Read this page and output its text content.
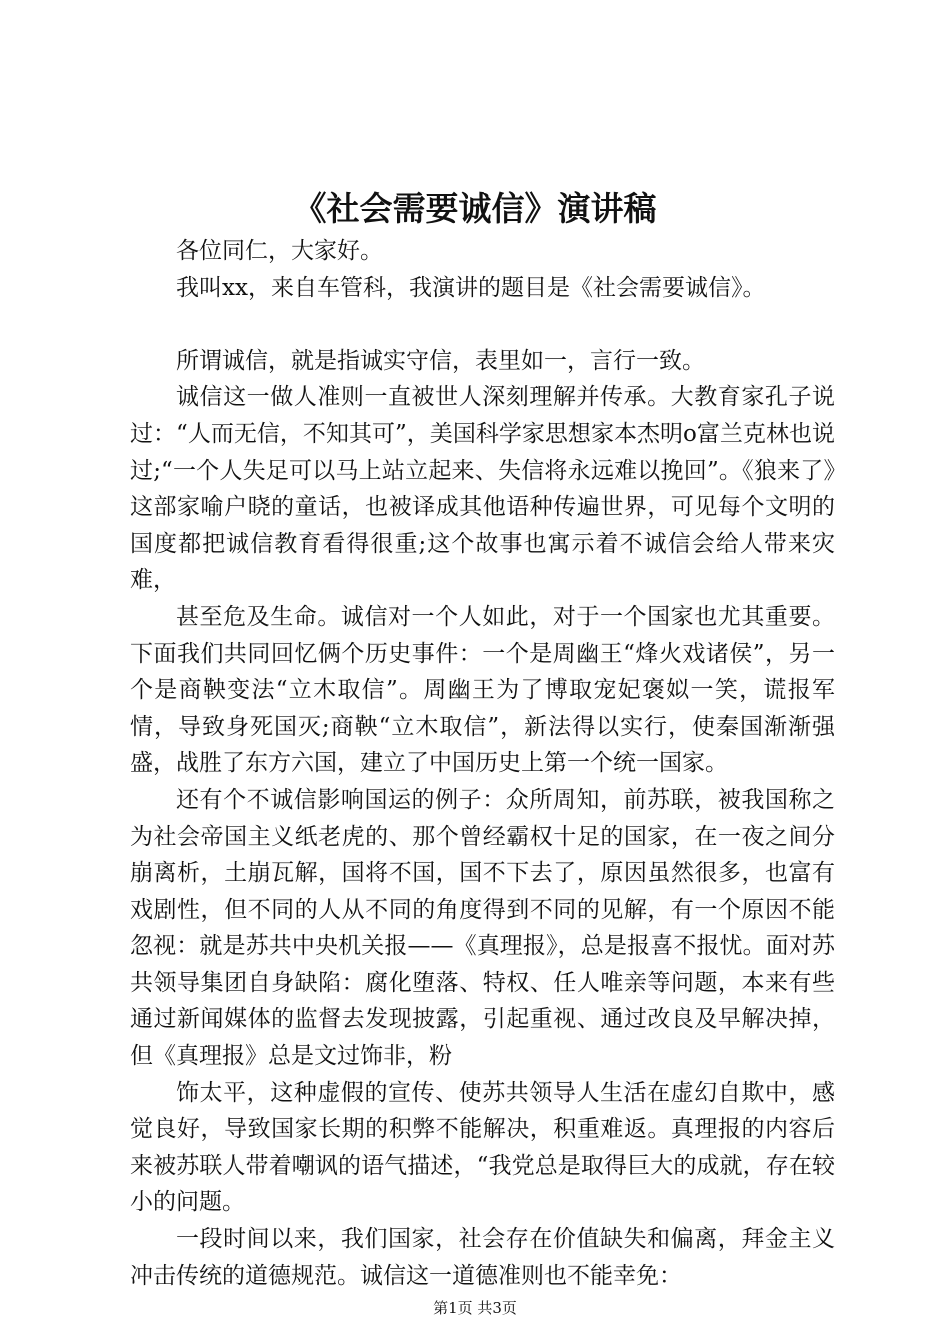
《社会需要诚信》演讲稿

各位同仁，大家好。

我叫xx，来自车管科，我演讲的题目是《社会需要诚信》。

所谓诚信，就是指诚实守信，表里如一，言行一致。

诚信这一做人准则一直被世人深刻理解并传承。大教育家孔子说过：“人而无信，不知其可”，美国科学家思想家本杰明o富兰克林也说过;“一个人失足可以马上站立起来、失信将永远难以挽回”。《狼来了》这部家喻户晓的童话，也被译成其他语种传遍世界，可见每个文明的国度都把诚信教育看得很重;这个故事也寓示着不诚信会给人带来灾难，

甚至危及生命。诚信对一个人如此，对于一个国家也尤其重要。下面我们共同回忆俩个历史事件：一个是周幽王“烽火戏诸侯”，另一个是商鞅变法“立木取信”。周幽王为了博取宠妃褒姒一笑，谎报军情，导致身死国灭;商鞅“立木取信”，新法得以实行，使秦国渐渐强盛，战胜了东方六国，建立了中国历史上第一个统一国家。

还有个不诚信影响国运的例子：众所周知，前苏联，被我国称之为社会帝国主义纸老虎的、那个曾经霸权十足的国家，在一夜之间分崩离析，土崩瓦解，国将不国，国不下去了，原因虽然很多，也富有戏剧性，但不同的人从不同的角度得到不同的见解，有一个原因不能忽视：就是苏共中央机关报——《真理报》，总是报喜不报忧。面对苏共领导集团自身缺陷：腐化堕落、特权、任人唯亲等问题，本来有些通过新闻媒体的监督去发现披露，引起重视、通过改良及早解决掉，但《真理报》总是文过饰非，粉

饰太平，这种虚假的宣传、使苏共领导人生活在虚幻自欺中，感觉良好，导致国家长期的积弊不能解决，积重难返。真理报的内容后来被苏联人带着嘲讽的语气描述，“我党总是取得巨大的成就，存在较小的问题。

一段时间以来，我们国家，社会存在价值缺失和偏离，拜金主义冲击传统的道德规范。诚信这一道德准则也不能幸免：

第1页 共3页
